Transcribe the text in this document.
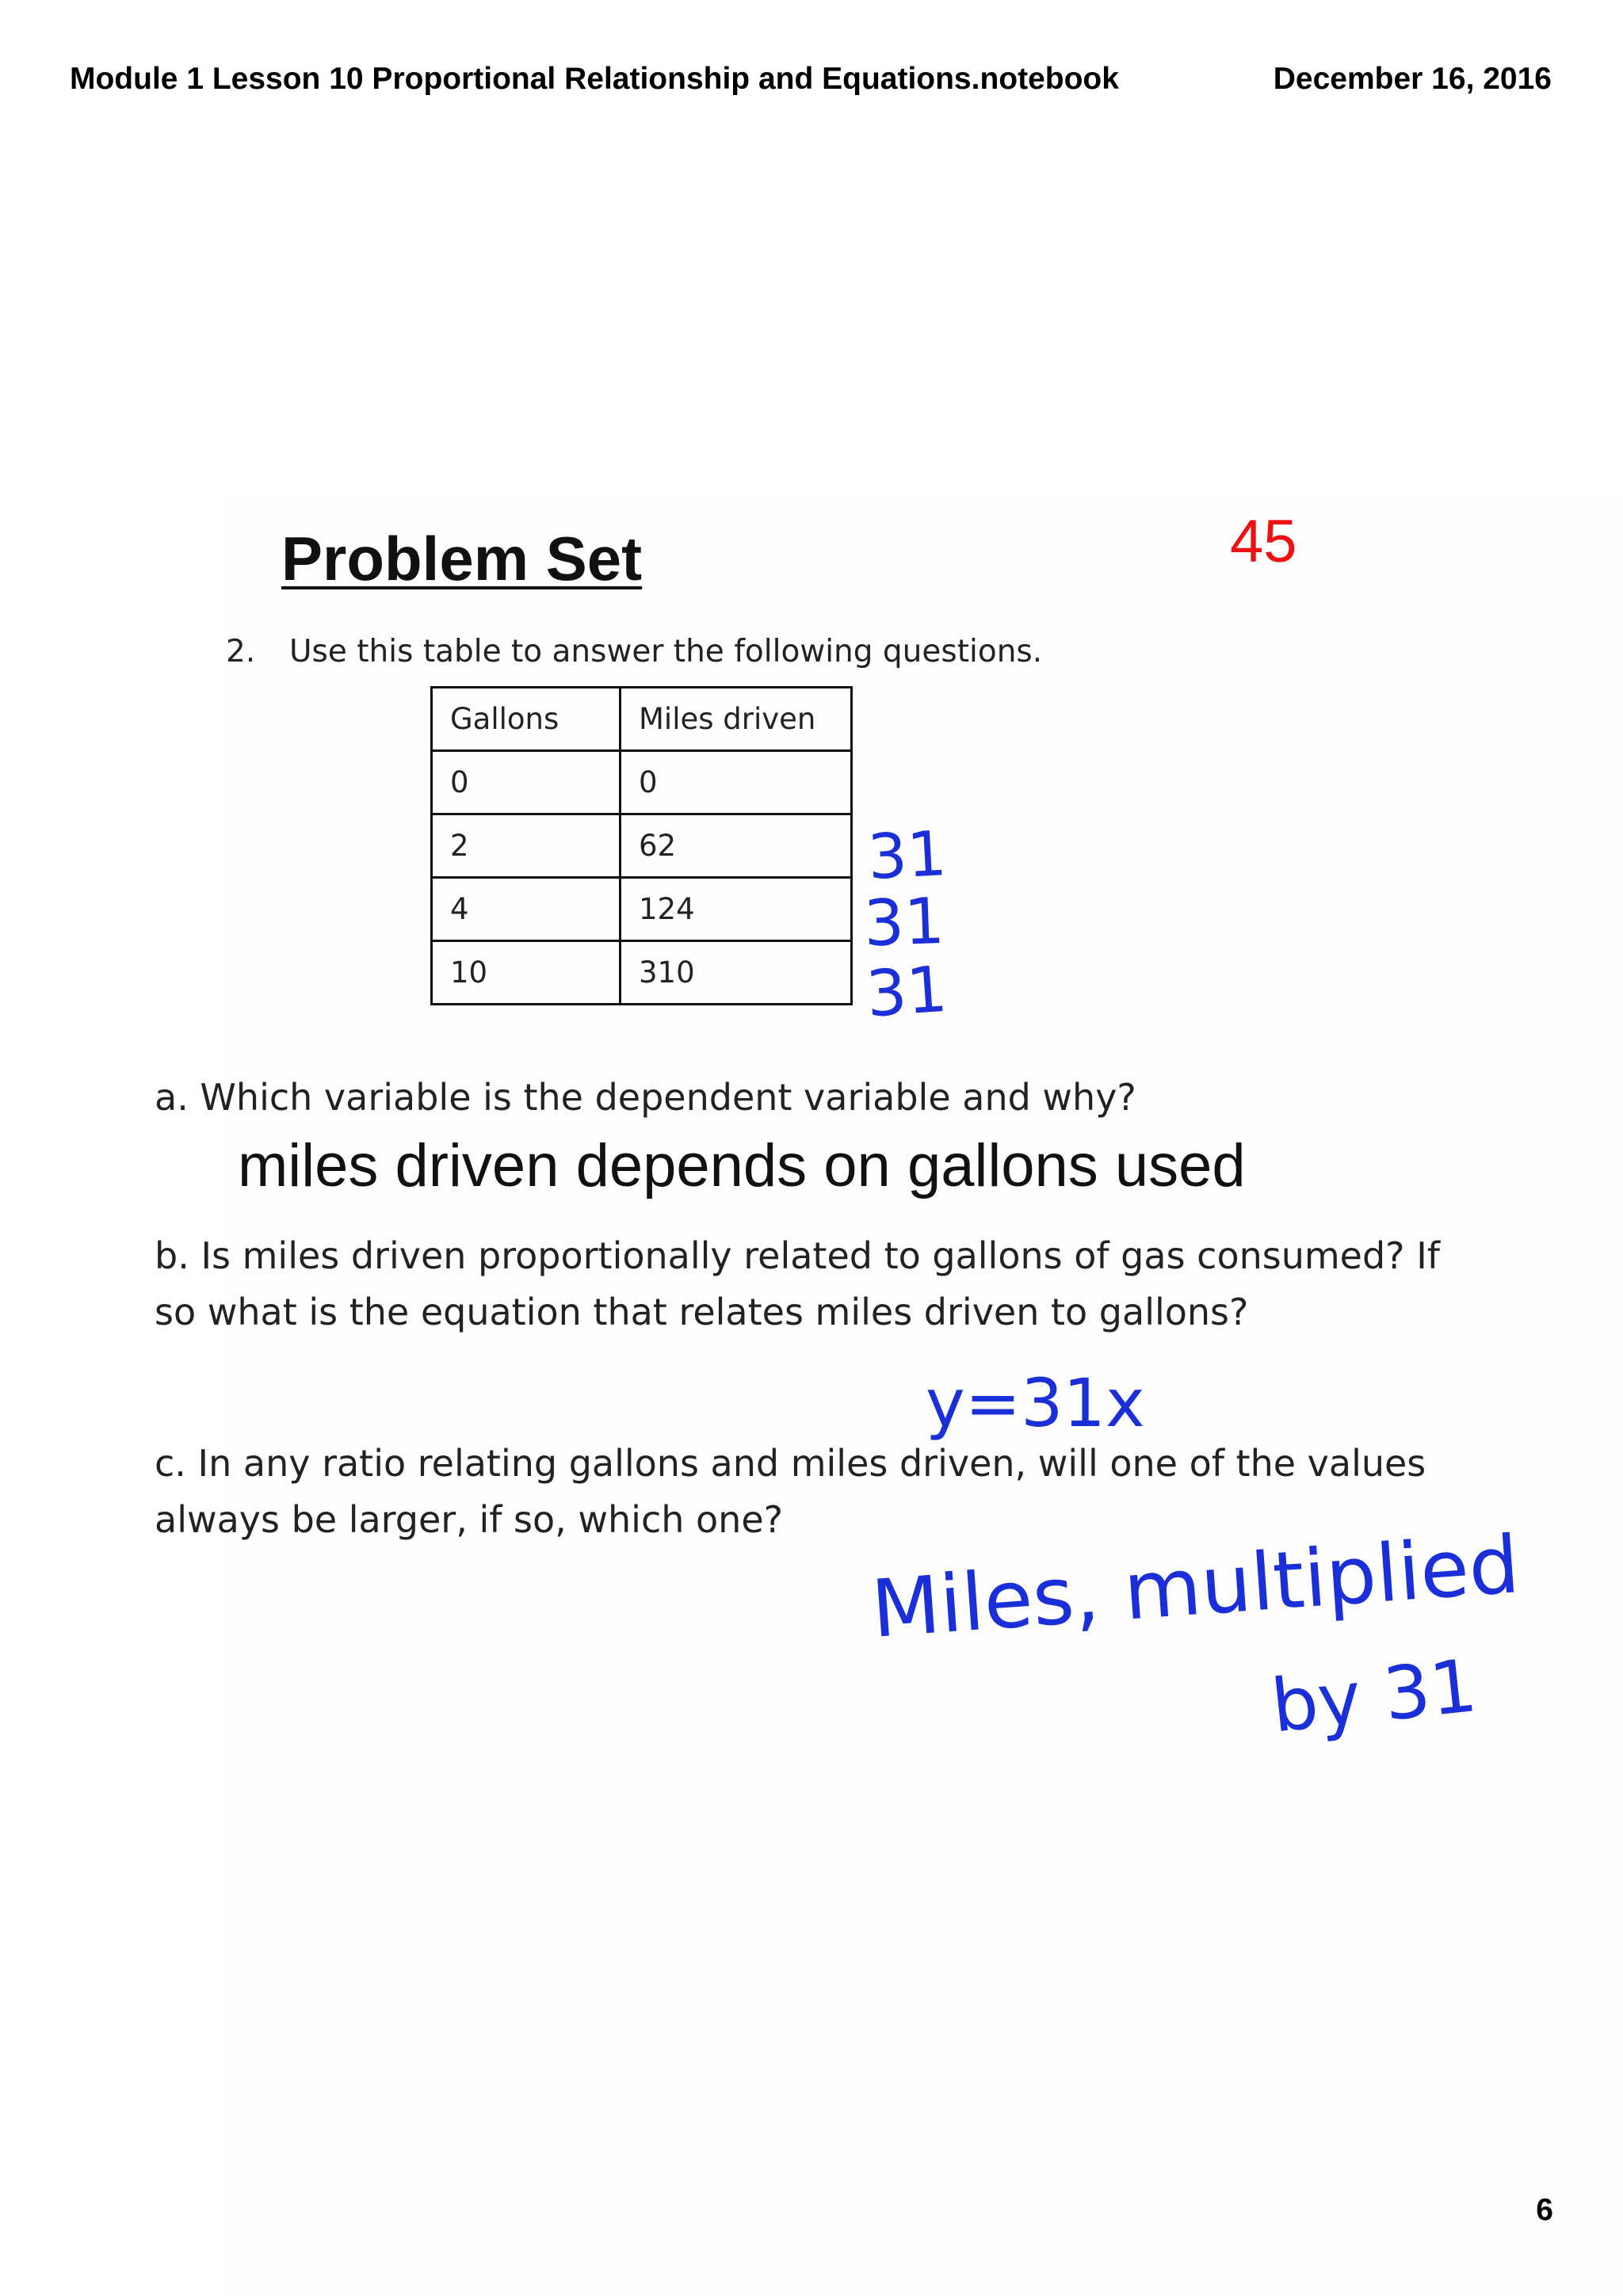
Module 1 Lesson 10 Proportional Relationship and Equations.notebook	December 16, 2016
Problem Set	45
2. Use this table to answer the following questions.
Gallons	Miles driven
0	0
2	62
4	124
10	310
a. Which variable is the dependent variable and why?
miles driven depends on gallons used
b. Is miles driven proportionally related to gallons of gas consumed? If
so what is the equation that relates miles driven to gallons?
c. In any ratio relating gallons and miles driven, will one of the values
always be larger, if so, which one?
31
31
31
y=31x
Miles, multiplied
by 31
6
